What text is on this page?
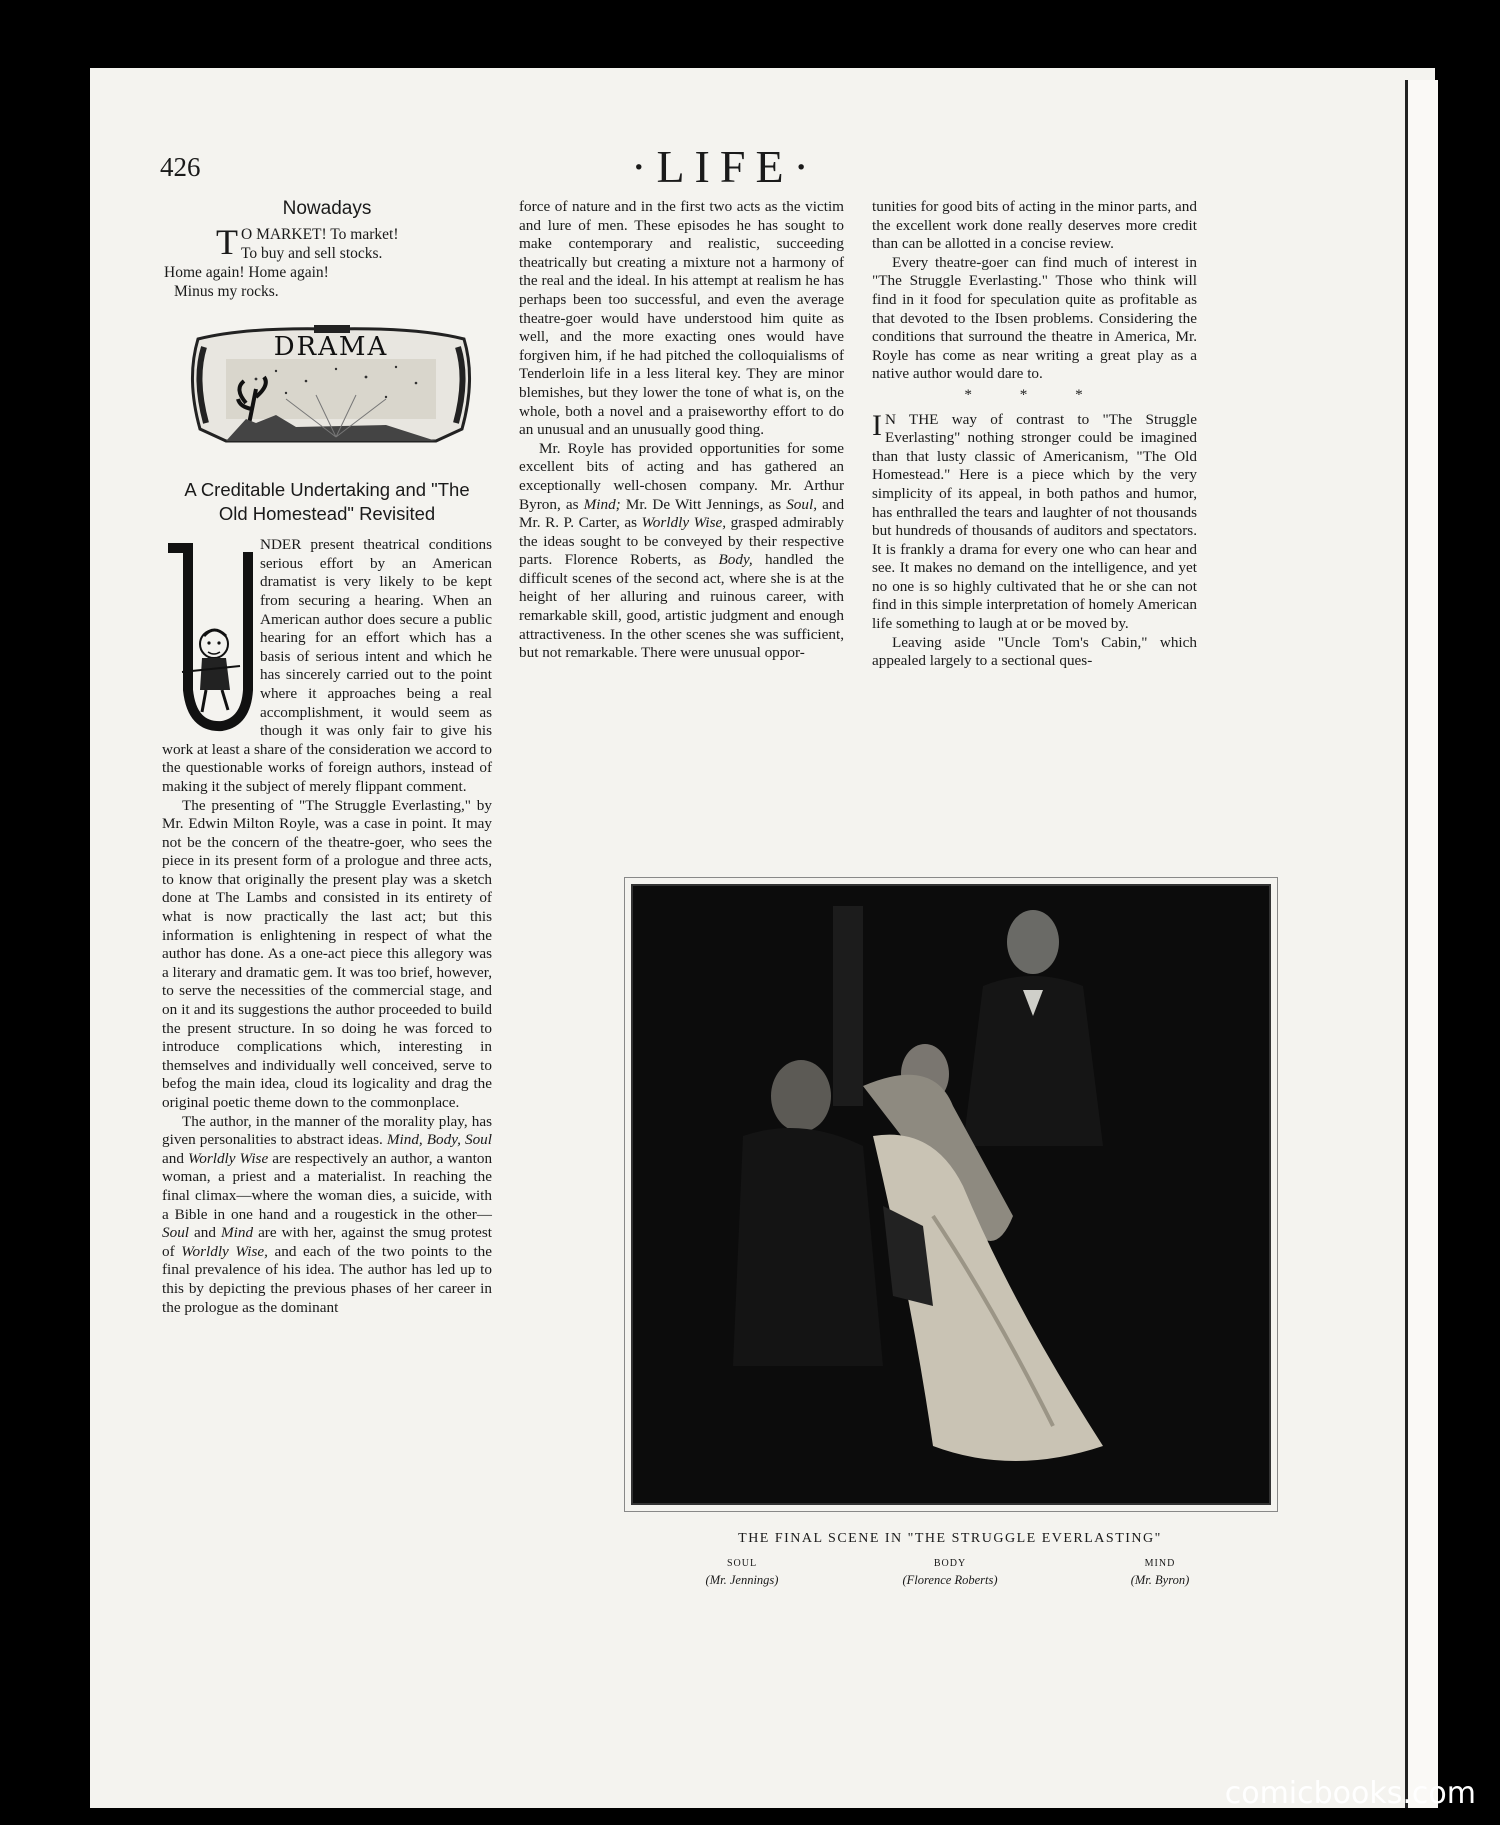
426	·LIFE·
Nowadays
T O MARKET! To market!
To buy and sell stocks.
Home again! Home again!
Minus my rocks.
DRAMA
A Creditable Undertaking and "The
Old Homestead" Revisited
U

NDER present theatrical conditions serious effort by an American dramatist is very likely to be kept from securing a hearing. When an American author does secure a public hearing for an effort which has a basis of serious intent and which he has sincerely carried out to the point where it approaches being a real accomplishment, it would seem as though it was only fair to give his work at least a share of the consideration we accord to the questionable works of foreign authors, instead of making it the subject of merely flippant comment.

The presenting of "The Struggle Everlasting," by Mr. Edwin Milton Royle, was a case in point. It may not be the concern of the theatre-goer, who sees the piece in its present form of a prologue and three acts, to know that originally the present play was a sketch done at The Lambs and consisted in its entirety of what is now practically the last act; but this information is enlightening in respect of what the author has done. As a one-act piece this allegory was a literary and dramatic gem. It was too brief, however, to serve the necessities of the commercial stage, and on it and its suggestions the author proceeded to build the present structure. In so doing he was forced to introduce complications which, interesting in themselves and individually well conceived, serve to befog the main idea, cloud its logicality and drag the original poetic theme down to the commonplace.

The author, in the manner of the morality play, has given personalities to abstract ideas. Mind, Body, Soul and Worldly Wise are respectively an author, a wanton woman, a priest and a materialist. In reaching the final climax—where the woman dies, a suicide, with a Bible in one hand and a rougestick in the other—Soul and Mind are with her, against the smug protest of Worldly Wise, and each of the two points to the final prevalence of his idea. The author has led up to this by depicting the previous phases of her career in the prologue as the dominant

force of nature and in the first two acts as the victim and lure of men. These episodes he has sought to make contemporary and realistic, succeeding theatrically but creating a mixture not a harmony of the real and the ideal. In his attempt at realism he has perhaps been too successful, and even the average theatre-goer would have understood him quite as well, and the more exacting ones would have forgiven him, if he had pitched the colloquialisms of Tenderloin life in a less literal key. They are minor blemishes, but they lower the tone of what is, on the whole, both a novel and a praiseworthy effort to do an unusual and an unusually good thing.

Mr. Royle has provided opportunities for some excellent bits of acting and has gathered an exceptionally well-chosen company. Mr. Arthur Byron, as Mind; Mr. De Witt Jennings, as Soul, and Mr. R. P. Carter, as Worldly Wise, grasped admirably the ideas sought to be conveyed by their respective parts. Florence Roberts, as Body, handled the difficult scenes of the second act, where she is at the height of her alluring and ruinous career, with remarkable skill, good, artistic judgment and enough attractiveness. In the other scenes she was sufficient, but not remarkable. There were unusual oppor-

tunities for good bits of acting in the minor parts, and the excellent work done really deserves more credit than can be allotted in a concise review.

Every theatre-goer can find much of interest in "The Struggle Everlasting." Those who think will find in it food for speculation quite as profitable as that devoted to the Ibsen problems. Considering the conditions that surround the theatre in America, Mr. Royle has come as near writing a great play as a native author would dare to.

* * *

I N THE way of contrast to "The Struggle Everlasting" nothing stronger could be imagined than that lusty classic of Americanism, "The Old Homestead." Here is a piece which by the very simplicity of its appeal, in both pathos and humor, has enthralled the tears and laughter of not thousands but hundreds of thousands of auditors and spectators. It is frankly a drama for every one who can hear and see. It makes no demand on the intelligence, and yet no one is so highly cultivated that he or she can not find in this simple interpretation of homely American life something to laugh at or be moved by.

Leaving aside "Uncle Tom's Cabin," which appealed largely to a sectional ques-

THE FINAL SCENE IN "THE STRUGGLE EVERLASTING"
SOUL
(Mr. Jennings)
BODY
(Florence Roberts)
MIND
(Mr. Byron)
comicbooks.com
